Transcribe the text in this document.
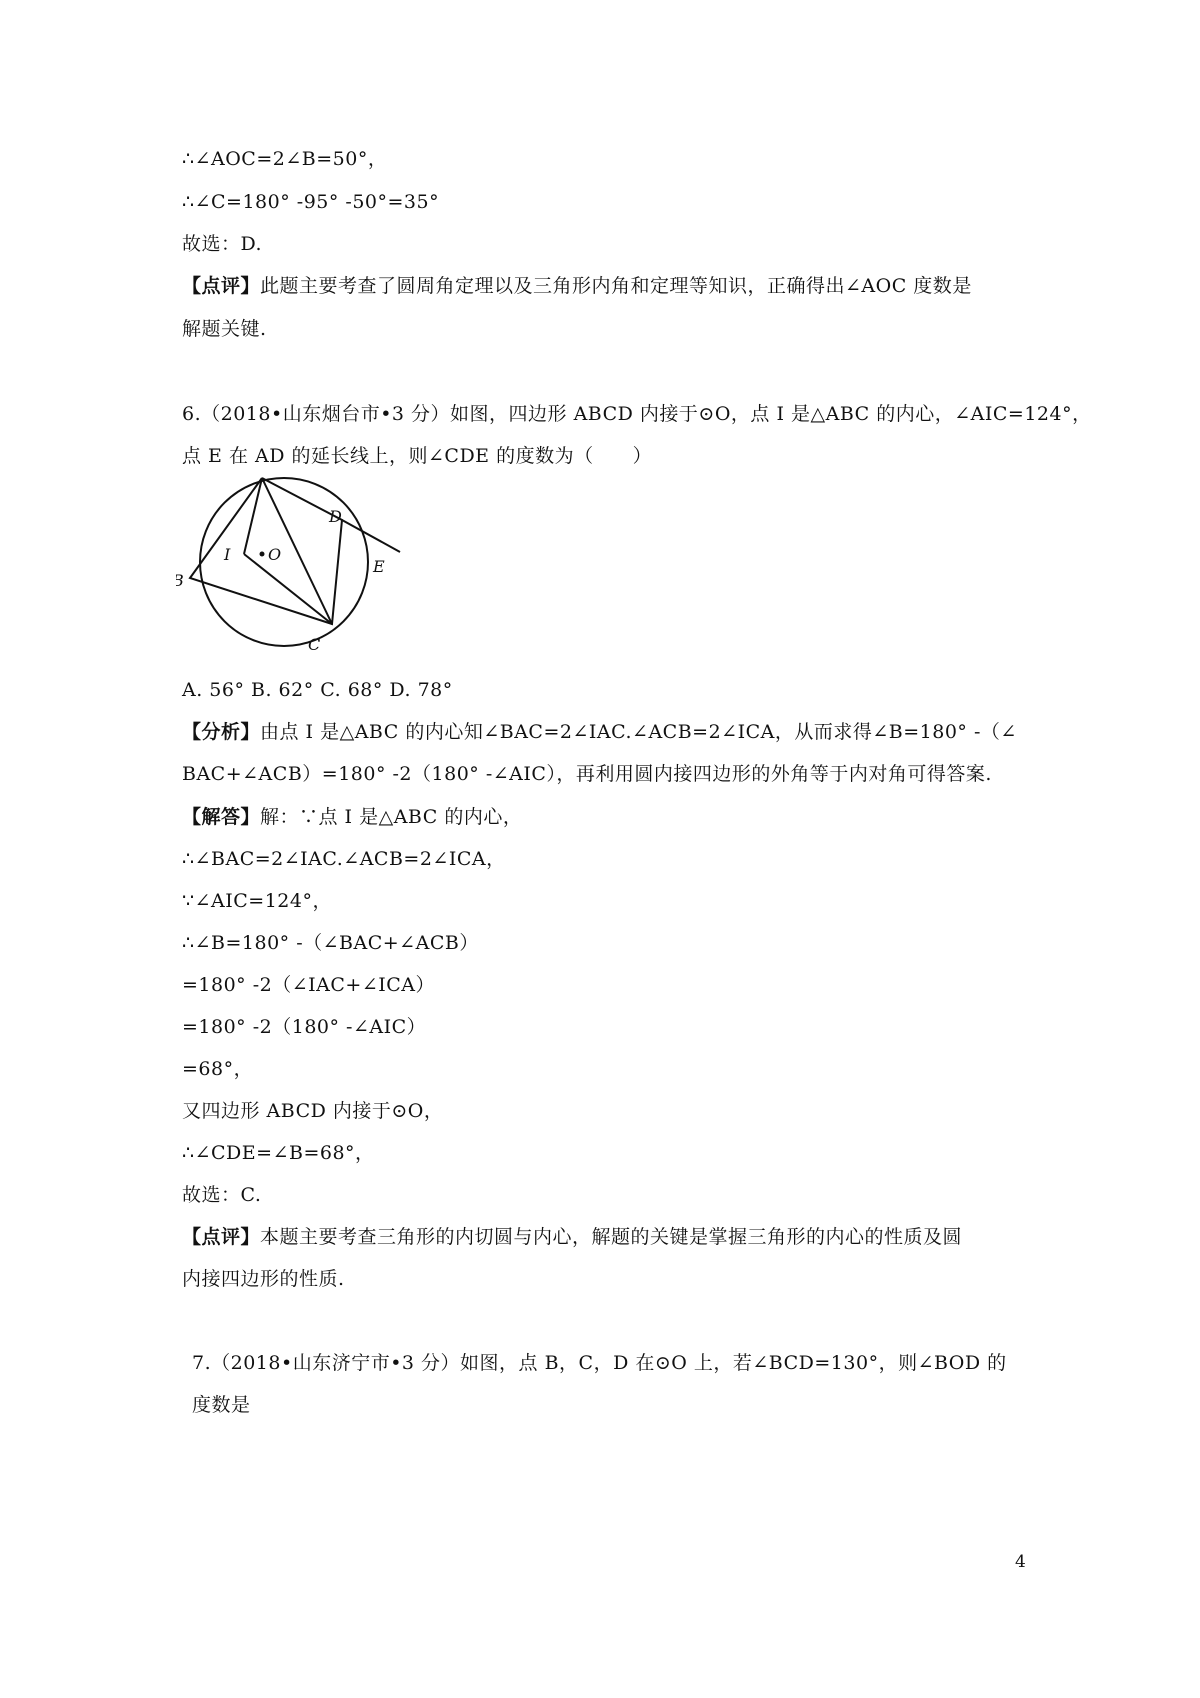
∴∠AOC=2∠B=50°，
∴∠C=180° -95° -50°=35°
故选：D.
【点评】此题主要考查了圆周角定理以及三角形内角和定理等知识，正确得出∠AOC 度数是
解题关键.
6.（2018•山东烟台市•3 分）如图，四边形 ABCD 内接于⊙O，点 I 是△ABC 的内心，∠AIC=124°，
点 E 在 AD 的延长线上，则∠CDE 的度数为（　　）
C
D
E
I O
A. 56° B. 62° C. 68° D. 78°
【分析】由点 I 是△ABC 的内心知∠BAC=2∠IAC.∠ACB=2∠ICA，从而求得∠B=180° -（∠
BAC+∠ACB）=180° -2（180° -∠AIC），再利用圆内接四边形的外角等于内对角可得答案.
【解答】解：∵点 I 是△ABC 的内心，
∴∠BAC=2∠IAC.∠ACB=2∠ICA，
∵∠AIC=124°，
∴∠B=180° -（∠BAC+∠ACB）
=180° -2（∠IAC+∠ICA）
=180° -2（180° -∠AIC）
=68°，
又四边形 ABCD 内接于⊙O，
∴∠CDE=∠B=68°，
故选：C.
【点评】本题主要考查三角形的内切圆与内心，解题的关键是掌握三角形的内心的性质及圆
内接四边形的性质.
7.（2018•山东济宁市•3 分）如图，点 B，C，D 在⊙O 上，若∠BCD=130°，则∠BOD 的
度数是
4
